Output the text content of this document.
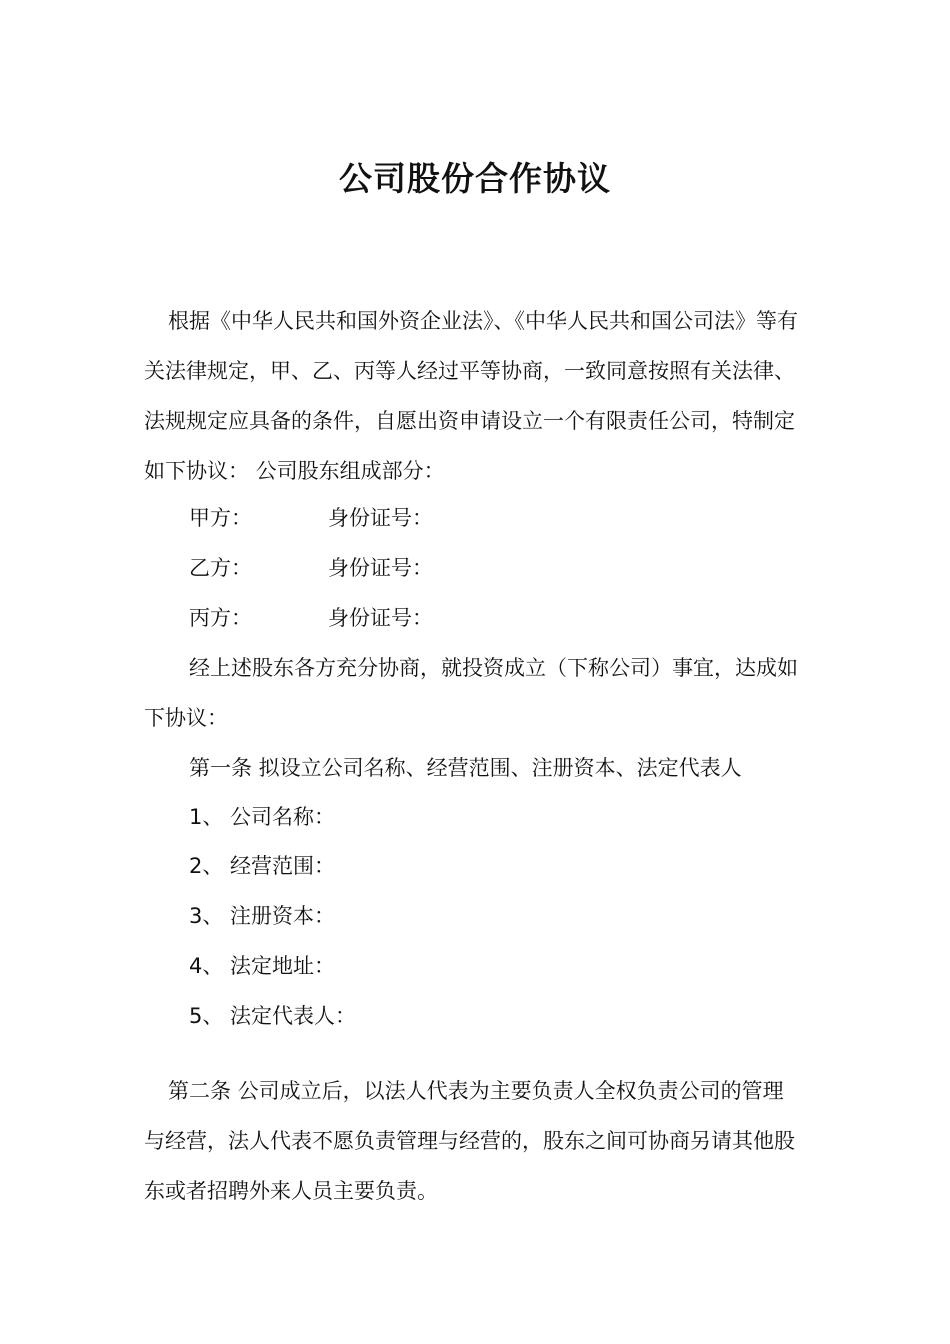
公司股份合作协议

根据《中华人民共和国外资企业法》、《中华人民共和国公司法》等有关法律规定，甲、乙、丙等人经过平等协商，一致同意按照有关法律、法规规定应具备的条件，自愿出资申请设立一个有限责任公司，特制定如下协议： 公司股东组成部分：

甲方：	身份证号：
乙方：	身份证号：
丙方：	身份证号：

经上述股东各方充分协商，就投资成立（下称公司）事宜，达成如下协议：

第一条 拟设立公司名称、经营范围、注册资本、法定代表人
1、 公司名称：
2、 经营范围：
3、 注册资本：
4、 法定地址：
5、 法定代表人：

第二条 公司成立后，以法人代表为主要负责人全权负责公司的管理与经营，法人代表不愿负责管理与经营的，股东之间可协商另请其他股东或者招聘外来人员主要负责。
